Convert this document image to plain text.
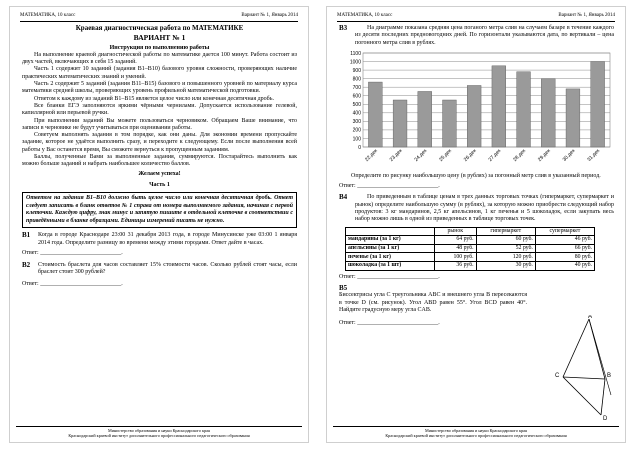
МАТЕМАТИКА, 10 класс	Вариант № 1, Январь 2014

Краевая диагностическая работа по МАТЕМАТИКЕ

ВАРИАНТ № 1

Инструкция по выполнению работы

На выполнение краевой диагностической работы по математике дается 100 минут. Работа состоит из двух частей, включающих в себя 15 заданий.

Часть 1 содержит 10 заданий (задания B1–B10) базового уровня сложности, проверяющих наличие практических математических знаний и умений.

Часть 2 содержит 5 заданий (задания B11–B15) базового и повышенного уровней по материалу курса математики средней школы, проверяющих уровень профильной математической подготовки.

Ответом к каждому из заданий B1–B15 является целое число или конечная десятичная дробь.

Все бланки ЕГЭ заполняются яркими чёрными чернилами. Допускается использование гелевой, капиллярной или перьевой ручки.

При выполнении заданий Вы можете пользоваться черновиком. Обращаем Ваше внимание, что записи в черновике не будут учитываться при оценивании работы.

Советуем выполнять задания в том порядке, как они даны. Для экономии времени пропускайте задание, которое не удаётся выполнить сразу, и переходите к следующему. Если после выполнения всей работы у Вас останется время, Вы сможете вернуться к пропущенным заданиям.

Баллы, полученные Вами за выполненные задания, суммируются. Постарайтесь выполнить как можно больше заданий и набрать наибольшее количество баллов.

Желаем успеха!

Часть 1

Ответом на задания B1–B10 должно быть целое число или конечная десятичная дробь. Ответ следует записать в бланк ответов № 1 справа от номера выполняемого задания, начиная с первой клеточки. Каждую цифру, знак минус и запятую пишите в отдельной клеточке в соответствии с приведёнными в бланке образцами. Единицы измерений писать не нужно.
B1 Когда в городе Краснодаре 23:00 31 декабря 2013 года, в городе Минусинске уже 03:00 1 января 2014 года. Определите разницу во времени между этими городами. Ответ дайте в часах.

Ответ: ___________________________.

B2 Стоимость браслета для часов составляет 15% стоимости часов. Сколько рублей стоят часы, если браслет стоит 300 рублей?

Ответ: ___________________________.

Министерство образования и науки Краснодарского края
Краснодарский краевой институт дополнительного профессионального педагогического образования
МАТЕМАТИКА, 10 класс	Вариант № 1, Январь 2014
B3	На диаграмме показана средняя цена поганого метра слив на случаем базаре в течение каждого из десяти последних предновогодних дней. По горизонтали указываются дата, по вертикали – цена погонного метра слив в рублях.

0
100
200
300
400
500
600
700
800
900
1000
1100
22.дек 23.дек 24.дек 25.дек 26.дек 27.дек 28.дек 29.дек 30.дек 31.дек

Определите по рисунку наибольшую цену (в рублях) за погонный метр слив в указанный период.

Ответ: ___________________________.

B4	По приведенным в таблице ценам в трех данных торговых точках (гипермаркет, супермаркет и рынок) определите наибольшую сумму (в рублях), за которую можно приобрести следующий набор продуктов: 3 кг мандаринов, 2,5 кг апельсинов, 1 кг печенья и 5 шоколадок, если закупать весь набор можно лишь в одной из приведенных в таблице торговых точек.

	рынок	гипермаркет	супермаркет
мандарины (за 1 кг)	64 руб.	60 руб.	46 руб.
апельсины (за 1 кг)	48 руб.	52 руб.	66 руб.
печенье (за 1 кг)	100 руб.	120 руб.	80 руб.
шоколадка (за 1 шт)	36 руб.	30 руб.	40 руб.

Ответ: ___________________________.

B5

Биссектрисы угла С треугольника ABC и внешнего угла В пересекаются в точке D (см. рисунок). Угол ABD равен 55°. Угол BCD равен 40°. Найдите градусную меру угла CAB.

Ответ: ___________________________.

C
A
B
D
Министерство образования и науки Краснодарского края
Краснодарский краевой институт дополнительного профессионального педагогического образования
